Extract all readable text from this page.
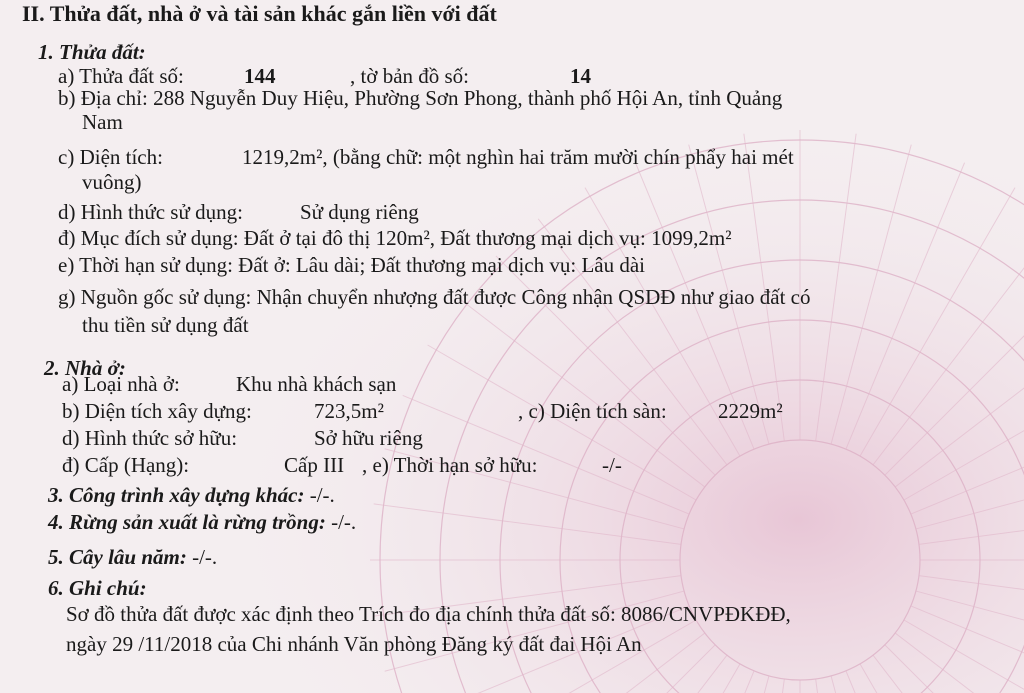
II. Thửa đất, nhà ở và tài sản khác gắn liền với đất
1. Thửa đất:
a) Thửa đất số:	144	, tờ bản đồ số:	14
b) Địa chỉ: 288 Nguyễn Duy Hiệu, Phường Sơn Phong, thành phố Hội An, tỉnh Quảng
Nam
c) Diện tích:	1219,2m², (bằng chữ: một nghìn hai trăm mười chín phẩy hai mét
vuông)
d) Hình thức sử dụng:	Sử dụng riêng
đ) Mục đích sử dụng: Đất ở tại đô thị 120m², Đất thương mại dịch vụ: 1099,2m²
e) Thời hạn sử dụng: Đất ở: Lâu dài; Đất thương mại dịch vụ: Lâu dài
g) Nguồn gốc sử dụng: Nhận chuyển nhượng đất được Công nhận QSDĐ như giao đất có
thu tiền sử dụng đất
2. Nhà ở:
a) Loại nhà ở:	Khu nhà khách sạn
b) Diện tích xây dựng:	723,5m²	, c) Diện tích sàn: 2229m²
d) Hình thức sở hữu:	Sở hữu riêng
đ) Cấp (Hạng):	Cấp III , e) Thời hạn sở hữu:	-/-
3. Công trình xây dựng khác: -/-.
4. Rừng sản xuất là rừng trồng: -/-.
5. Cây lâu năm: -/-.
6. Ghi chú:
Sơ đồ thửa đất được xác định theo Trích đo địa chính thửa đất số: 8086/CNVPĐKĐĐ,
ngày 29 /11/2018 của Chi nhánh Văn phòng Đăng ký đất đai Hội An
